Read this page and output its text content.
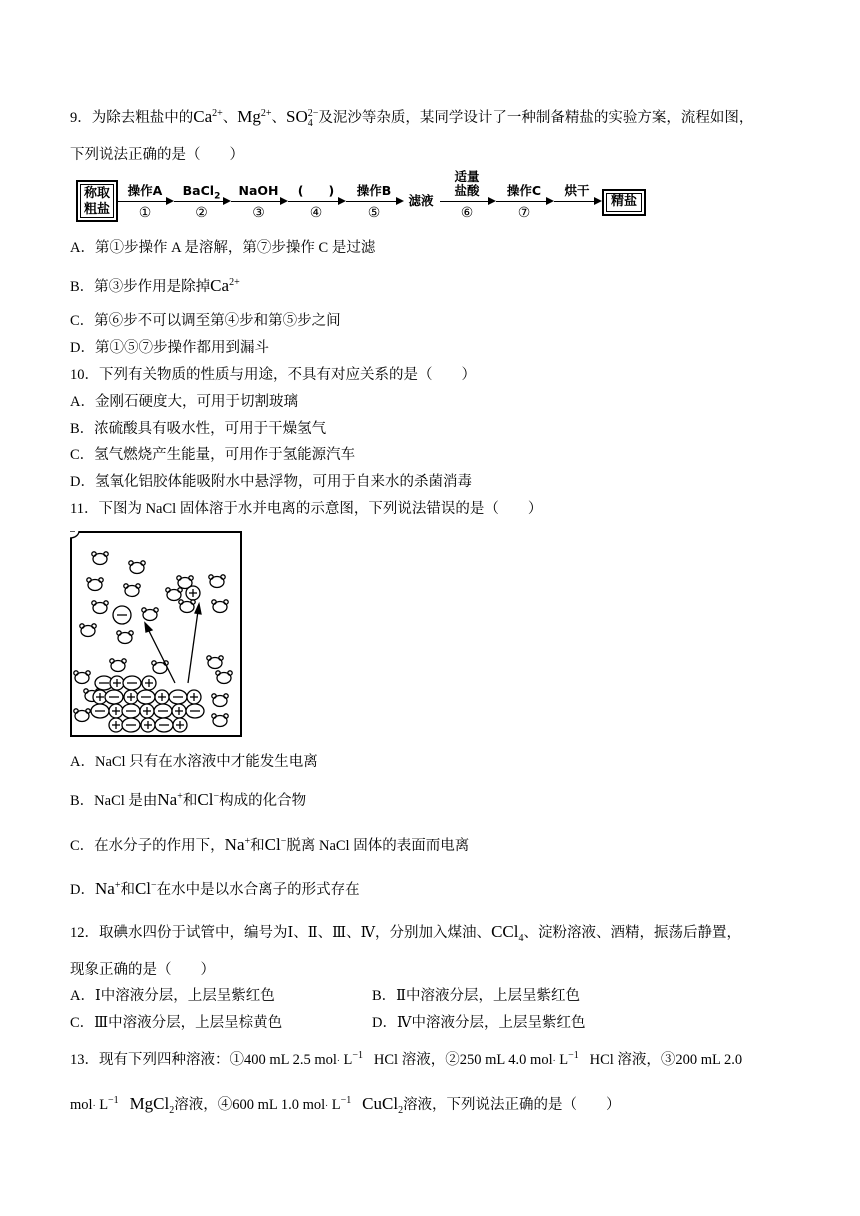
9．为除去粗盐中的$Ca^{2+}$、$Mg^{2+}$、SO 2−
4 及泥沙等杂质，某同学设计了一种制备精盐的实验方案，流程如图，
下列说法正确的是（　　）
称取
粗盐
操作A
①
BaCl$_2$
②
NaOH
③
(　　)
④
操作B
⑤
滤液
适量
盐酸
⑥
操作C
⑦
烘干
精盐
A．第①步操作 A 是溶解，第⑦步操作 C 是过滤
B．第③步作用是除掉$Ca^{2+}$
C．第⑥步不可以调至第④步和第⑤步之间
D．第①⑤⑦步操作都用到漏斗
10．下列有关物质的性质与用途，不具有对应关系的是（　　）
A．金刚石硬度大，可用于切割玻璃
B．浓硫酸具有吸水性，可用于干燥氢气
C．氢气燃烧产生能量，可用作于氢能源汽车
D．氢氧化铝胶体能吸附水中悬浮物，可用于自来水的杀菌消毒
11．下图为 NaCl 固体溶于水并电离的示意图，下列说法错误的是（　　）
A．NaCl 只有在水溶液中才能发生电离
B．NaCl 是由Na+和Cl−构成的化合物
C．在水分子的作用下，Na+和Cl−脱离 NaCl 固体的表面而电离
D．Na+和Cl−在水中是以水合离子的形式存在
12．取碘水四份于试管中，编号为Ⅰ、Ⅱ、Ⅲ、Ⅳ，分别加入煤油、CCl$_4$、淀粉溶液、酒精，振荡后静置，
现象正确的是（　　）
A．Ⅰ中溶液分层，上层呈紫红色	B．Ⅱ中溶液分层，上层呈紫红色
C．Ⅲ中溶液分层，上层呈棕黄色	D．Ⅳ中溶液分层，上层呈紫红色
13．现有下列四种溶液：①400 mL 2.5 $mol\cdot L^{-1}$ HCl 溶液，②250 mL 4.0 $mol\cdot L^{-1}$ HCl 溶液，③200 mL 2.0
$mol\cdot L^{-1}$ MgCl$_2$溶液，④600 mL 1.0 $mol\cdot L^{-1}$ CuCl$_2$溶液，下列说法正确的是（　　）
